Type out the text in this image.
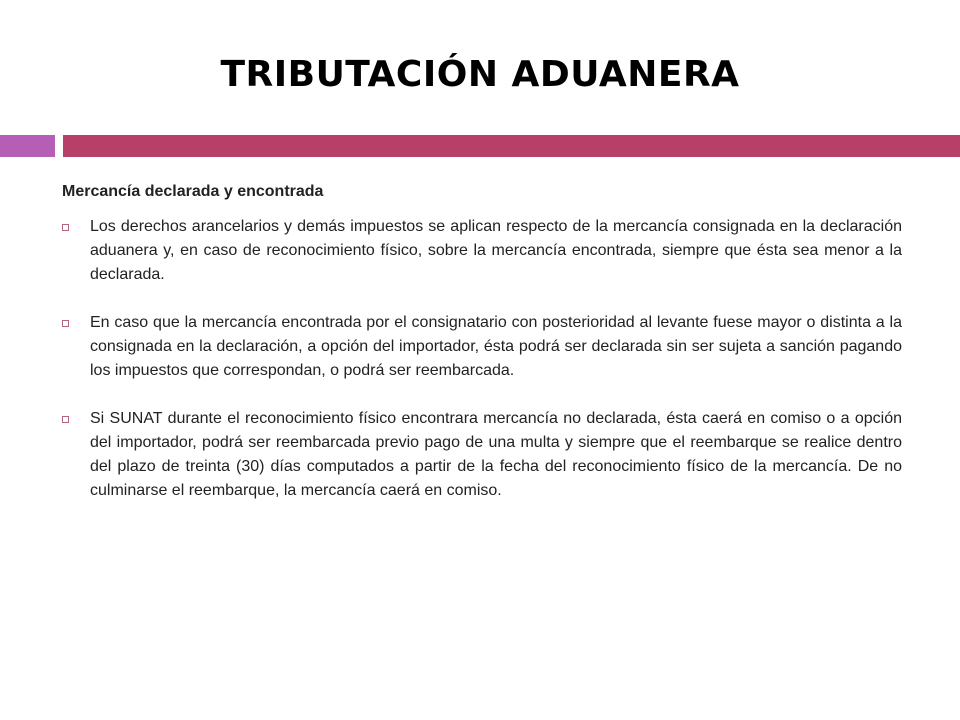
TRIBUTACIÓN ADUANERA
Mercancía declarada y encontrada
Los derechos arancelarios y demás impuestos se aplican respecto de la mercancía consignada en la declaración aduanera y, en caso de reconocimiento físico, sobre la mercancía encontrada, siempre que ésta sea menor a la declarada.
En caso que la mercancía encontrada por el consignatario con posterioridad al levante fuese mayor o distinta a la consignada en la declaración, a opción del importador, ésta podrá ser declarada sin ser sujeta a sanción pagando los impuestos que correspondan, o podrá ser reembarcada.
Si SUNAT durante el reconocimiento físico encontrara mercancía no declarada, ésta caerá en comiso o a opción del importador, podrá ser reembarcada previo pago de una multa y siempre que el reembarque se realice dentro del plazo de treinta (30) días computados a partir de la fecha del reconocimiento físico de la mercancía. De no culminarse el reembarque, la mercancía caerá en comiso.
